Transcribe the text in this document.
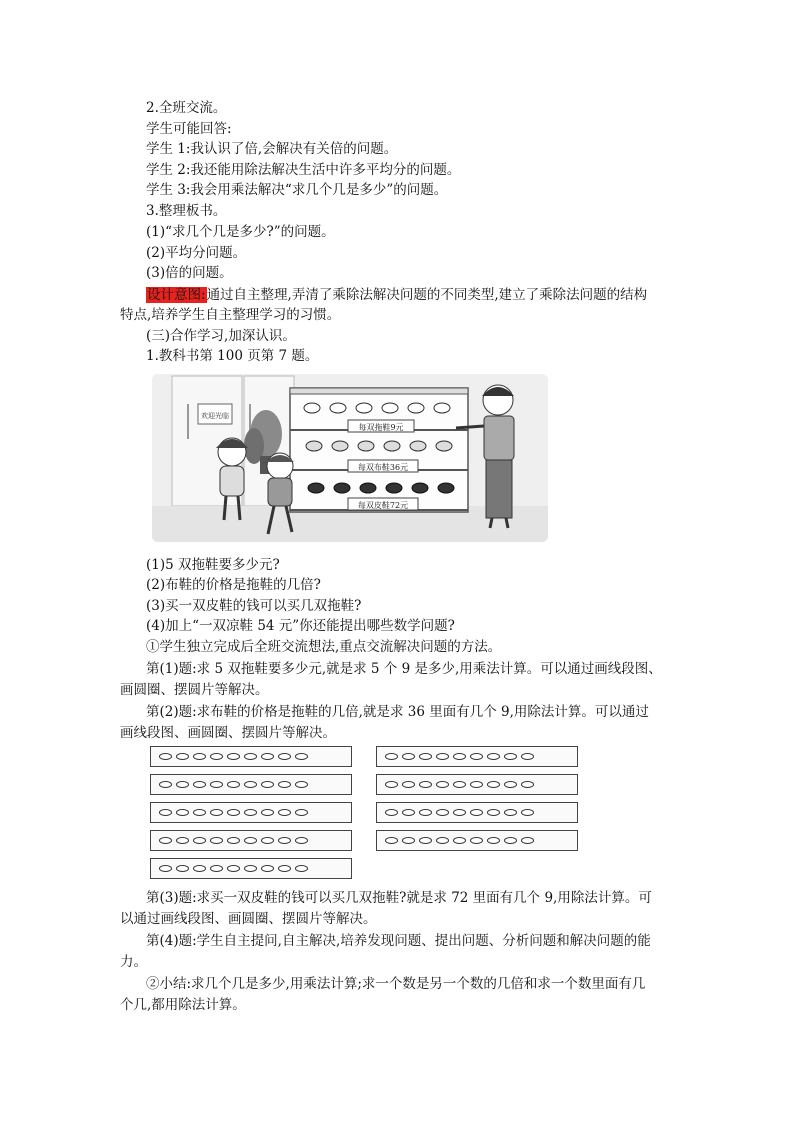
2.全班交流。
学生可能回答:
学生 1:我认识了倍,会解决有关倍的问题。
学生 2:我还能用除法解决生活中许多平均分的问题。
学生 3:我会用乘法解决“求几个几是多少”的问题。
3.整理板书。
(1)“求几个几是多少?”的问题。
(2)平均分问题。
(3)倍的问题。
设计意图:通过自主整理,弄清了乘除法解决问题的不同类型,建立了乘除法问题的结构
特点,培养学生自主整理学习的习惯。
(三)合作学习,加深认识。
1.教科书第 100 页第 7 题。
欢迎光临
每双拖鞋9元
每双布鞋36元
每双皮鞋72元
(1)5 双拖鞋要多少元?
(2)布鞋的价格是拖鞋的几倍?
(3)买一双皮鞋的钱可以买几双拖鞋?
(4)加上“一双凉鞋 54 元”你还能提出哪些数学问题?
①学生独立完成后全班交流想法,重点交流解决问题的方法。
第(1)题:求 5 双拖鞋要多少元,就是求 5 个 9 是多少,用乘法计算。可以通过画线段图、
画圆圈、摆圆片等解决。
第(2)题:求布鞋的价格是拖鞋的几倍,就是求 36 里面有几个 9,用除法计算。可以通过
画线段图、画圆圈、摆圆片等解决。
第(3)题:求买一双皮鞋的钱可以买几双拖鞋?就是求 72 里面有几个 9,用除法计算。可
以通过画线段图、画圆圈、摆圆片等解决。
第(4)题:学生自主提问,自主解决,培养发现问题、提出问题、分析问题和解决问题的能
力。
②小结:求几个几是多少,用乘法计算;求一个数是另一个数的几倍和求一个数里面有几
个几,都用除法计算。
